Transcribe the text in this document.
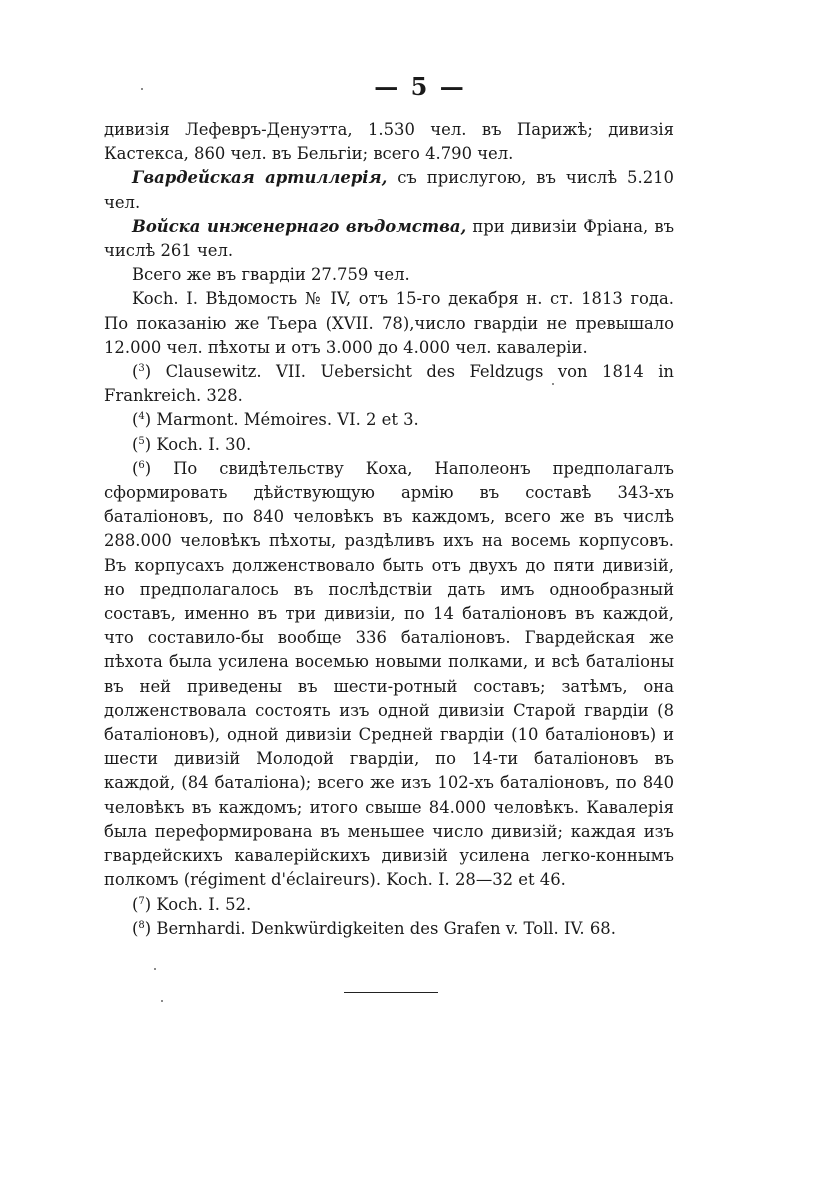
— 5 —

дивизія Лефевръ-Денуэтта, 1.530 чел. въ Парижѣ; дивизія Кастекса, 860 чел. въ Бельгіи; всего 4.790 чел.

Гвардейская артиллерія, съ прислугою, въ числѣ 5.210 чел.

Войска инженернаго вѣдомства, при дивизіи Фріана, въ числѣ 261 чел.

Всего же въ гвардіи 27.759 чел.

Koch. I. Вѣдомость № IV, отъ 15-го декабря н. ст. 1813 года. По показанію же Тьера (XVII. 78),число гвардіи не превышало 12.000 чел. пѣхоты и отъ 3.000 до 4.000 чел. кавалеріи.

($^3$) Clausewitz. VII. Uebersicht des Feldzugs von 1814 in Frankreich. 328.

($^4$) Marmont. Mémoires. VI. 2 et 3.

($^5$) Koch. I. 30.

($^6$) По свидѣтельству Коха, Наполеонъ предполагалъ сформировать дѣйствующую армію въ составѣ 343-хъ баталіоновъ, по 840 человѣкъ въ каждомъ, всего же въ числѣ 288.000 человѣкъ пѣхоты, раздѣливъ ихъ на восемь корпусовъ. Въ корпусахъ долженствовало быть отъ двухъ до пяти дивизій, но предполагалось въ послѣдствіи дать имъ однообразный составъ, именно въ три дивизіи, по 14 баталіоновъ въ каждой, что составило-бы вообще 336 баталіоновъ. Гвардейская же пѣхота была усилена восемью новыми полками, и всѣ баталіоны въ ней приведены въ шести-ротный составъ; затѣмъ, она долженствовала состоять изъ одной дивизіи Старой гвардіи (8 баталіоновъ), одной дивизіи Средней гвардіи (10 баталіоновъ) и шести дивизій Молодой гвардіи, по 14-ти баталіоновъ въ каждой, (84 баталіона); всего же изъ 102-хъ баталіоновъ, по 840 человѣкъ въ каждомъ; итого свыше 84.000 человѣкъ. Кавалерія была переформирована въ меньшее число дивизій; каждая изъ гвардейскихъ кавалерійскихъ дивизій усилена легко-коннымъ полкомъ (régiment d'éclaireurs). Koch. I. 28—32 et 46.

($^7$) Koch. I. 52.

($^8$) Bernhardi. Denkwürdigkeiten des Grafen v. Toll. IV. 68.
